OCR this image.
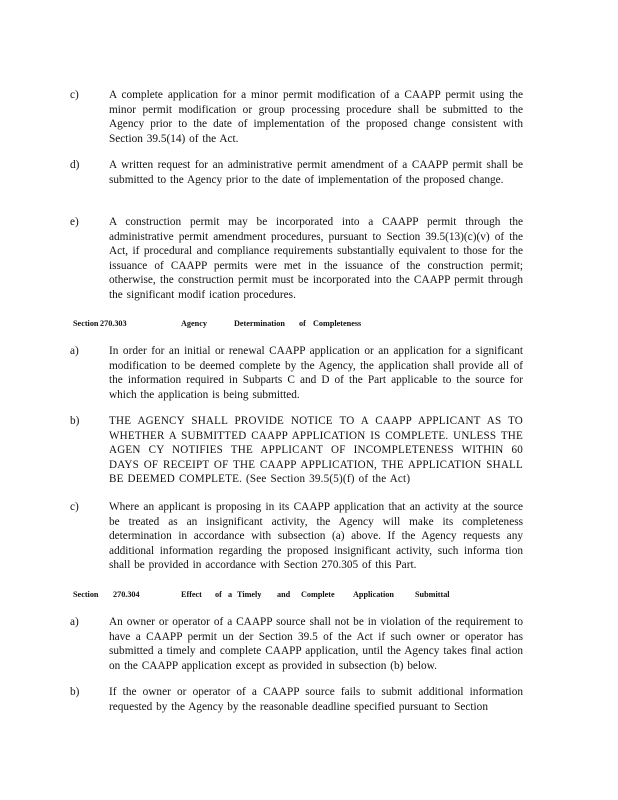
c)	A complete application for a minor permit modification of a CAAPP permit using the minor permit modification or group processing procedure shall be submitted to the Agency prior to the date of implementation of the proposed change consistent with Section 39.5(14) of the Act.
d)	A written request for an administrative permit amendment of a CAAPP permit shall be submitted to the Agency prior to the date of implementation of the proposed change.
e)	A construction permit may be incorporated into a CAAPP permit through the administrative permit amendment procedures, pursuant to Section 39.5(13)(c)(v) of the Act, if procedural and compliance requirements substantially equivalent to those for the issuance of CAAPP permits were met in the issuance of the construction permit; otherwise, the construction permit must be incorporated into the CAAPP permit through the significant modif ication procedures.
Section 270.303	Agency	Determination of Completeness
a)	In order for an initial or renewal CAAPP application or an application for a significant modification to be deemed complete by the Agency, the application shall provide all of the information required in Subparts C and D of the Part applicable to the source for which the application is being submitted.
b)	THE AGENCY SHALL PROVIDE NOTICE TO A CAAPP APPLICANT AS TO WHETHER A SUBMITTED CAAPP APPLICATION IS COMPLETE. UNLESS THE AGEN CY NOTIFIES THE APPLICANT OF INCOMPLETENESS WITHIN 60 DAYS OF RECEIPT OF THE CAAPP APPLICATION, THE APPLICATION SHALL BE DEEMED COMPLETE. (See Section 39.5(5)(f) of the Act)
c)	Where an applicant is proposing in its CAAPP application that an activity at the source be treated as an insignificant activity, the Agency will make its completeness determination in accordance with subsection (a) above. If the Agency requests any additional information regarding the proposed insignificant activity, such informa tion shall be provided in accordance with Section 270.305 of this Part.
Section 270.304	Effect of a Timely and Complete Application	Submittal
a)	An owner or operator of a CAAPP source shall not be in violation of the requirement to have a CAAPP permit un der Section 39.5 of the Act if such owner or operator has submitted a timely and complete CAAPP application, until the Agency takes final action on the CAAPP application except as provided in subsection (b) below.
b)	If the owner or operator of a CAAPP source fails to submit additional information requested by the Agency by the reasonable deadline specified pursuant to Section
